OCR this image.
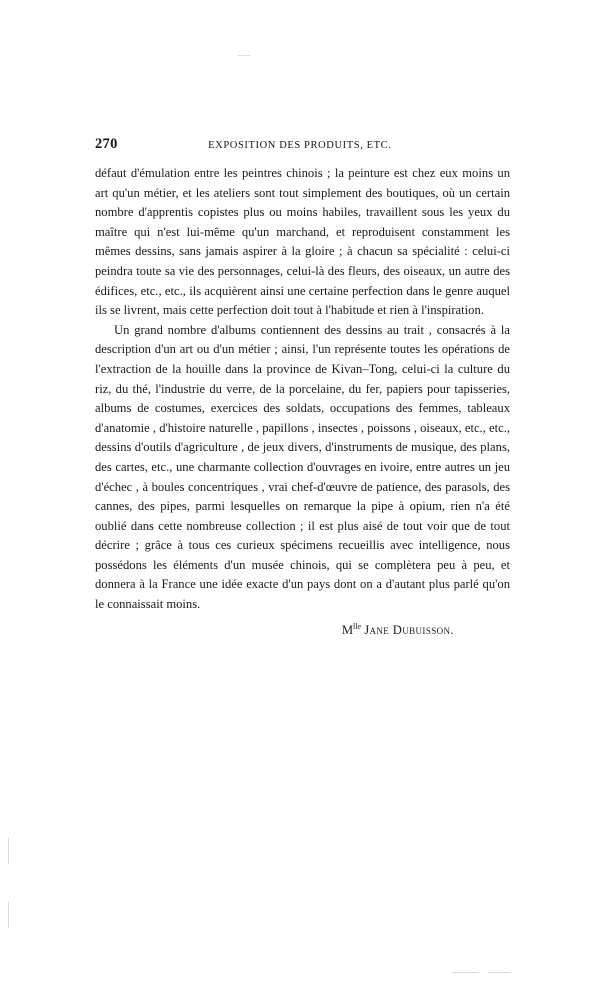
270	EXPOSITION DES PRODUITS, ETC.

défaut d'émulation entre les peintres chinois ; la peinture est chez eux moins un art qu'un métier, et les ateliers sont tout simplement des boutiques, où un certain nombre d'apprentis copistes plus ou moins habiles, travaillent sous les yeux du maître qui n'est lui-même qu'un marchand, et reproduisent constamment les mêmes dessins, sans jamais aspirer à la gloire ; à chacun sa spécialité : celui-ci peindra toute sa vie des personnages, celui-là des fleurs, des oiseaux, un autre des édifices, etc., etc., ils acquièrent ainsi une certaine perfection dans le genre auquel ils se livrent, mais cette perfection doit tout à l'habitude et rien à l'inspiration.

Un grand nombre d'albums contiennent des dessins au trait , consacrés à la description d'un art ou d'un métier ; ainsi, l'un représente toutes les opérations de l'extraction de la houille dans la province de Kivan–Tong, celui-ci la culture du riz, du thé, l'industrie du verre, de la porcelaine, du fer, papiers pour tapisseries, albums de costumes, exercices des soldats, occupations des femmes, tableaux d'anatomie , d'histoire naturelle , papillons , insectes , poissons , oiseaux, etc., etc., dessins d'outils d'agriculture , de jeux divers, d'instruments de musique, des plans, des cartes, etc., une charmante collection d'ouvrages en ivoire, entre autres un jeu d'échec , à boules concentriques , vrai chef-d'œuvre de patience, des parasols, des cannes, des pipes, parmi lesquelles on remarque la pipe à opium, rien n'a été oublié dans cette nombreuse collection ; il est plus aisé de tout voir que de tout décrire ; grâce à tous ces curieux spécimens recueillis avec intelligence, nous possédons les éléments d'un musée chinois, qui se complètera peu à peu, et donnera à la France une idée exacte d'un pays dont on a d'autant plus parlé qu'on le connaissait moins.

$M^{lle}$ Jane Dubuisson.
